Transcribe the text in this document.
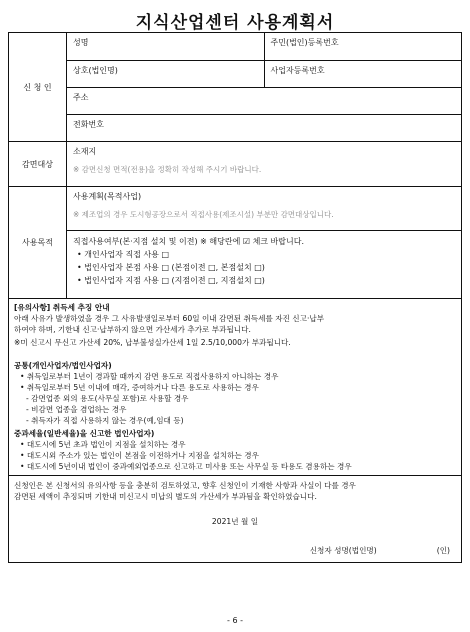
지식산업센터 사용계획서
신 청 인
성명	주민(법인)등록번호
상호(법인명)	사업자등록번호
주소
전화번호
감면대상
소재지
※ 감면신청 면적(전용)을 정확히 작성해 주시기 바랍니다.
사용목적
사용계획(목적사업)
※ 제조업의 경우 도시형공장으로서 직접사용(제조시설) 부분만 감면대상입니다.
직접사용여부(본·지점 설치 및 이전) ※ 해당란에 ☑ 체크 바랍니다.
• 개인사업자 직접 사용 □
• 법인사업자 본점 사용 □ (본점이전 □, 본점설치 □)
• 법인사업자 지점 사용 □ (지점이전 □, 지점설치 □)
[유의사항] 취득세 추징 안내
아래 사유가 발생하였을 경우 그 사유발생일로부터 60일 이내 감면된 취득세를 자진 신고·납부
하여야 하며, 기한내 신고·납부하지 않으면 가산세가 추가로 부과됩니다.
※미 신고시 무신고 가산세 20%, 납부불성실가산세 1일 2.5/10,000가 부과됩니다.
공통(개인사업자/법인사업자)
• 취득일로부터 1년이 경과할 때까지 감면 용도로 직접사용하지 아니하는 경우
• 취득일로부터 5년 이내에 매각, 증여하거나 다른 용도로 사용하는 경우
- 감면업종 외의 용도(사무실 포함)로 사용할 경우
- 비감면 업종을 겸업하는 경우
- 취득자가 직접 사용하지 않는 경우(예,임대 등)
중과세율(일반세율)을 신고한 법인사업자)
• 대도시에 5년 초과 법인이 지점을 설치하는 경우
• 대도시외 주소가 있는 법인이 본점을 이전하거나 지점을 설치하는 경우
• 대도시에 5년이내 법인이 중과예외업종으로 신고하고 미사용 또는 사무실 등 타용도 겸용하는 경우
신청인은 본 신청서의 유의사항 등을 충분히 검토하였고, 향후 신청인이 기재한 사항과 사실이 다를 경우
감면된 세액이 추징되며 기한내 미신고시 미납의 별도의 가산세가 부과됨을 확인하였습니다.
2021년 월 일
신청자 성명(법인명)	(인)
- 6 -
